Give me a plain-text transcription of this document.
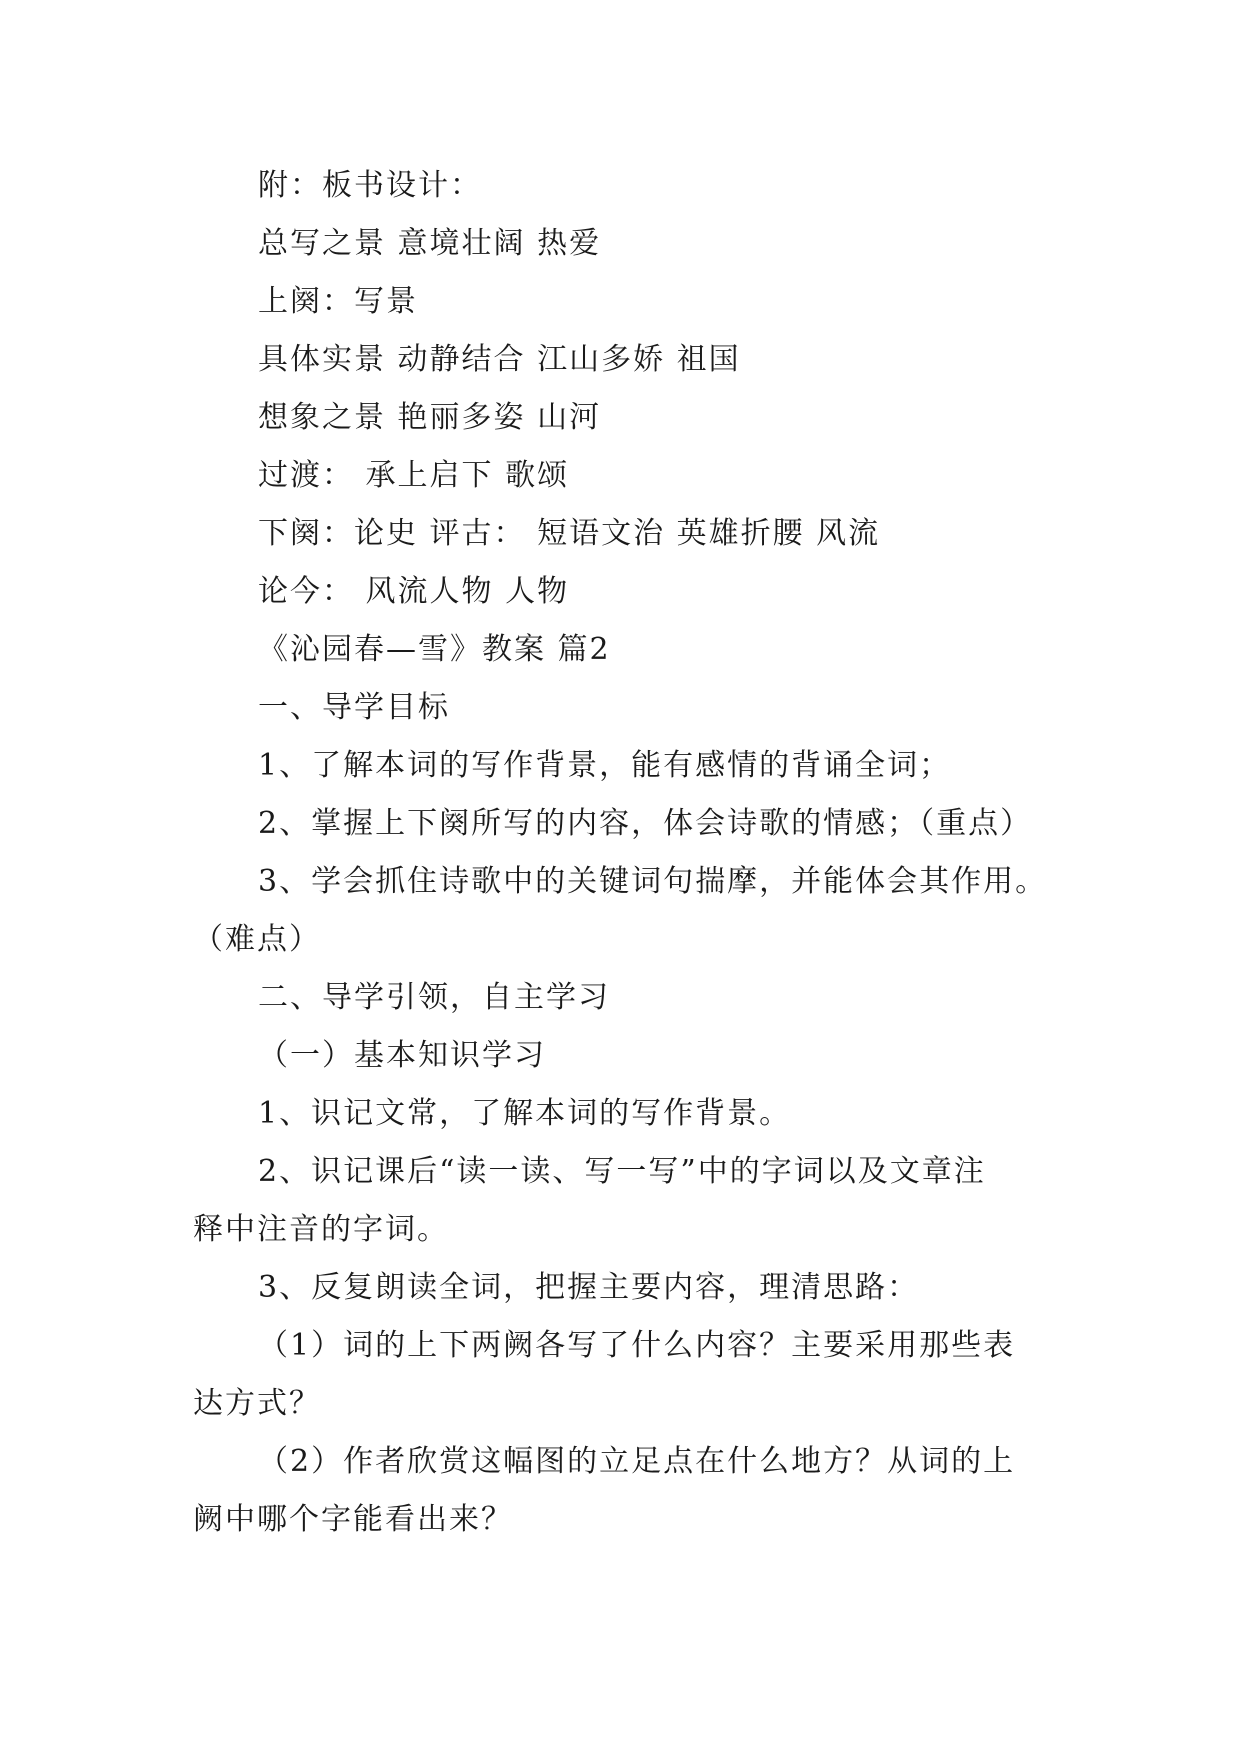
附：板书设计：
总写之景 意境壮阔 热爱
上阕：写景
具体实景 动静结合 江山多娇 祖国
想象之景 艳丽多姿 山河
过渡： 承上启下 歌颂
下阕：论史 评古： 短语文治 英雄折腰 风流
论今： 风流人物 人物
《沁园春—雪》教案 篇2
一、导学目标
1、了解本词的写作背景，能有感情的背诵全词；
2、掌握上下阕所写的内容，体会诗歌的情感；（重点）
3、学会抓住诗歌中的关键词句揣摩，并能体会其作用。
（难点）
二、导学引领，自主学习
（一）基本知识学习
1、识记文常，了解本词的写作背景。
2、识记课后“读一读、写一写”中的字词以及文章注
释中注音的字词。
3、反复朗读全词，把握主要内容，理清思路：
（1）词的上下两阙各写了什么内容？主要采用那些表
达方式？
（2）作者欣赏这幅图的立足点在什么地方？从词的上
阙中哪个字能看出来？
